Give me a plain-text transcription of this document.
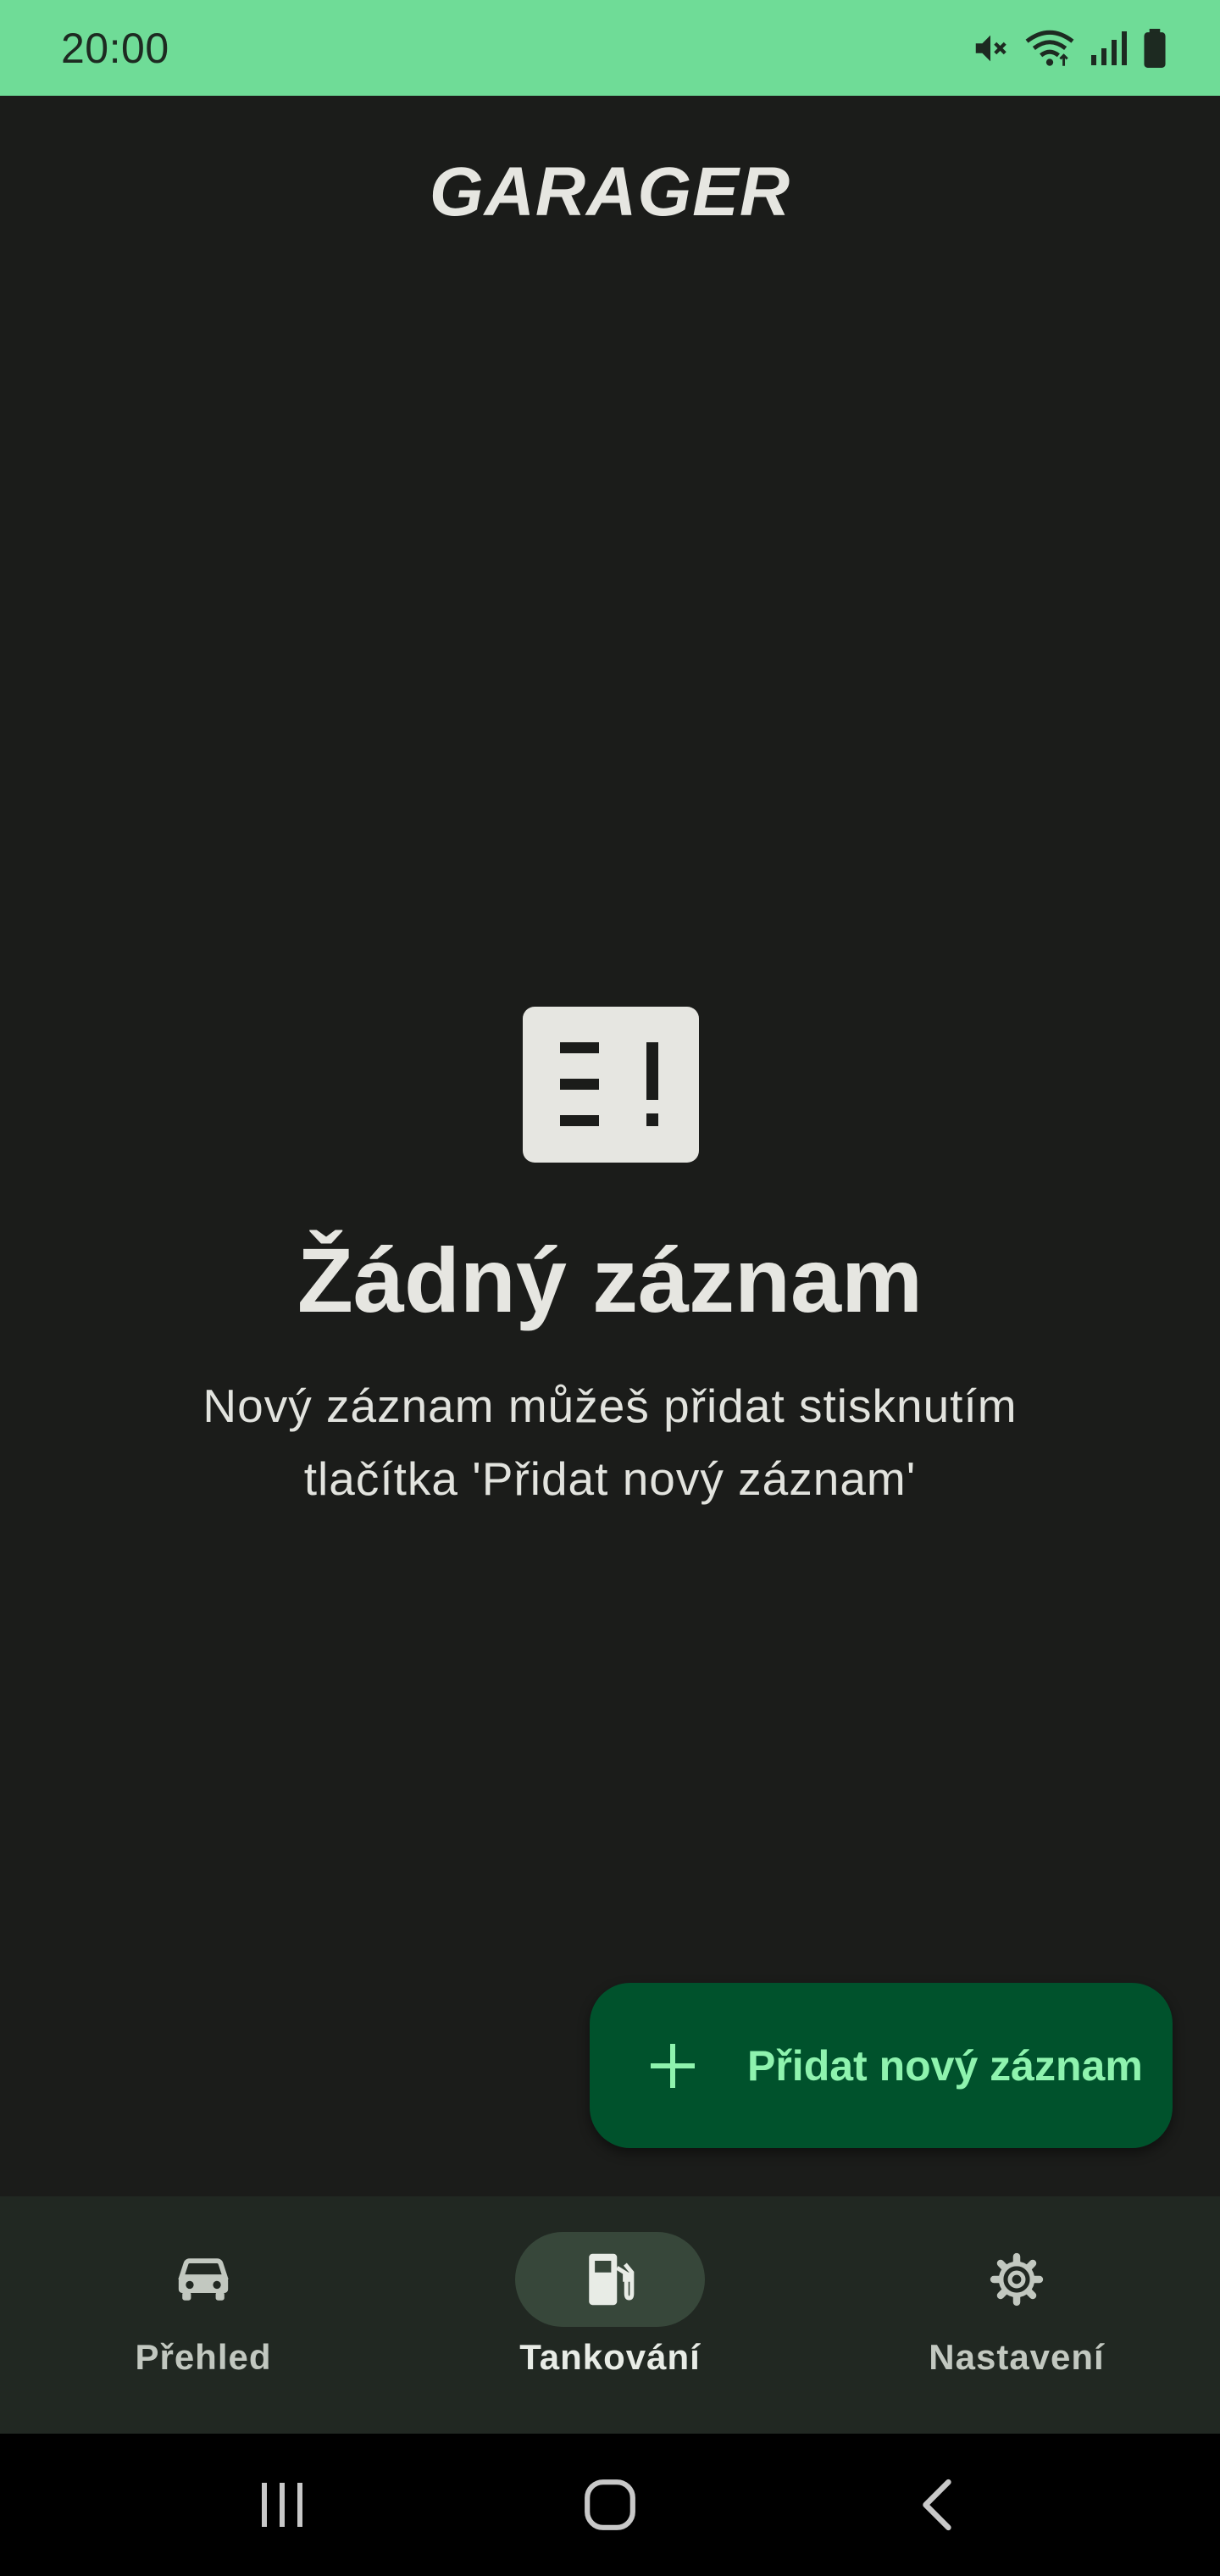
20:00
GARAGER
Žádný záznam
Nový záznam můžeš přidat stisknutím
tlačítka 'Přidat nový záznam'
Přidat nový záznam
Přehled	Tankování	Nastavení
